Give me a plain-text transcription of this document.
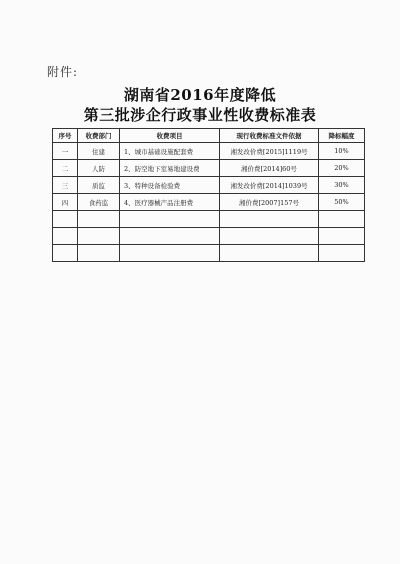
附件:
湖南省2016年度降低
第三批涉企行政事业性收费标准表
序号	收费部门	收费项目	现行收费标准文件依据	降标幅度
一	住建	1、城市基础设施配套费	湘发改价费[2015]1119号	10%
二	人防	2、防空地下室易地建设费	湘价费[2014]60号	20%
三	质监	3、特种设备检验费	湘发改价费[2014]1039号	30%
四	食药监	4、医疗器械产品注册费	湘价费[2007]157号	50%
